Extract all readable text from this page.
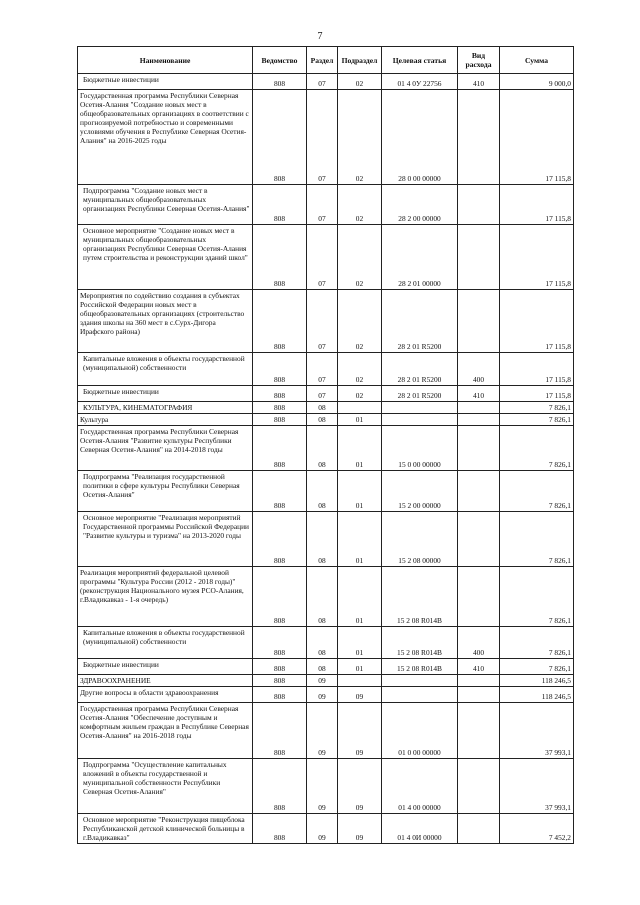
7
Наименование	Ведомство	Раздел	Подраздел	Целевая статья	Вид расхода	Сумма
Бюджетные инвестиции	808	07	02	01 4 0У 22756	410	9 000,0
Государственная программа Республики Северная Осетия-Алания "Создание новых мест в общеобразовательных организациях в соответствии с прогнозируемой потребностью и современными условиями обучения в Республике Северная Осетия-Алания" на 2016-2025 годы	808	07	02	28 0 00 00000		17 115,8
Подпрограмма "Создание новых мест в муниципальных общеобразовательных организациях Республики Северная Осетия-Алания"	808	07	02	28 2 00 00000		17 115,8
Основное мероприятие "Создание новых мест в муниципальных общеобразовательных организациях Республики Северная Осетия-Алания путем строительства и реконструкции зданий школ"	808	07	02	28 2 01 00000		17 115,8
Мероприятия по содействию создания в субъектах Российской Федерации новых мест в общеобразовательных организациях (строительство здания школы на 360 мест в с.Сурх-Дигора Ирафского района)	808	07	02	28 2 01 R5200		17 115,8
Капитальные вложения в объекты государственной (муниципальной) собственности	808	07	02	28 2 01 R5200	400	17 115,8
Бюджетные инвестиции	808	07	02	28 2 01 R5200	410	17 115,8
КУЛЬТУРА, КИНЕМАТОГРАФИЯ	808	08				7 826,1
Культура	808	08	01			7 826,1
Государственная программа Республики Северная Осетия-Алания "Развитие культуры Республики Северная Осетия-Алания" на 2014-2018 годы	808	08	01	15 0 00 00000		7 826,1
Подпрограмма "Реализация государственной политики в сфере культуры Республики Северная Осетия-Алания"	808	08	01	15 2 00 00000		7 826,1
Основное мероприятие "Реализация мероприятий Государственной программы Российской Федерации "Развитие культуры и туризма" на 2013-2020 годы	808	08	01	15 2 08 00000		7 826,1
Реализация мероприятий федеральной целевой программы "Культура России (2012 - 2018 годы)" (реконструкция Национального музея РСО-Алания, г.Владикавказ - 1-я очередь)	808	08	01	15 2 08 R014B		7 826,1
Капитальные вложения в объекты государственной (муниципальной) собственности	808	08	01	15 2 08 R014B	400	7 826,1
Бюджетные инвестиции	808	08	01	15 2 08 R014B	410	7 826,1
ЗДРАВООХРАНЕНИЕ	808	09				118 246,5
Другие вопросы в области здравоохранения	808	09	09			118 246,5
Государственная программа Республики Северная Осетия-Алания "Обеспечение доступным и комфортным жильем граждан в Республике Северная Осетия-Алания" на 2016-2018 годы	808	09	09	01 0 00 00000		37 993,1
Подпрограмма "Осуществление капитальных вложений в объекты государственной и муниципальной собственности Республики Северная Осетия-Алания"	808	09	09	01 4 00 00000		37 993,1
Основное мероприятие "Реконструкция пищеблока Республиканской детской клинической больницы в г.Владикавказ"	808	09	09	01 4 0И 00000		7 452,2
